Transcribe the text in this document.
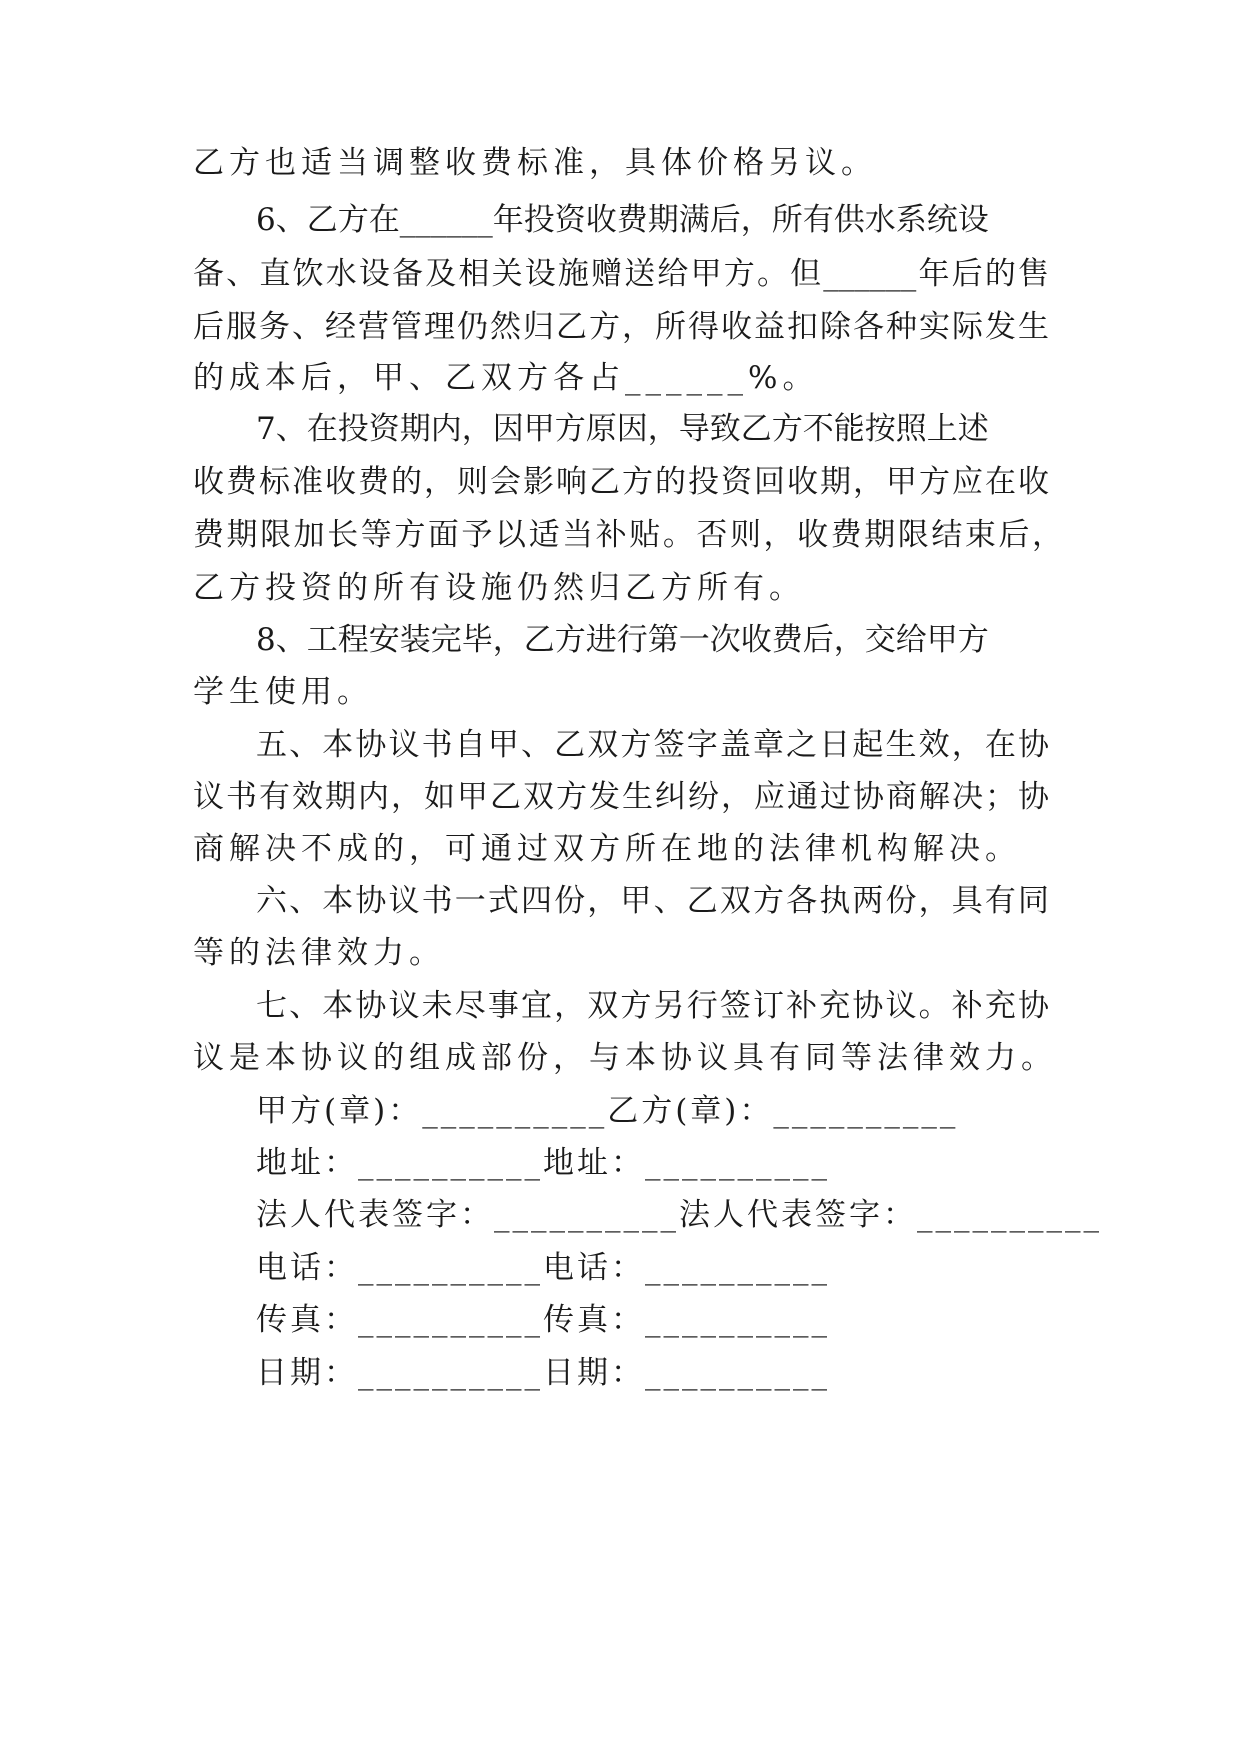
乙方也适当调整收费标准，具体价格另议。
6、乙方在______年投资收费期满后，所有供水系统设
备、直饮水设备及相关设施赠送给甲方。但______年后的售
后服务、经营管理仍然归乙方，所得收益扣除各种实际发生
的成本后，甲、乙双方各占______%。
7、在投资期内，因甲方原因，导致乙方不能按照上述
收费标准收费的，则会影响乙方的投资回收期，甲方应在收
费期限加长等方面予以适当补贴。否则，收费期限结束后，
乙方投资的所有设施仍然归乙方所有。
8、工程安装完毕，乙方进行第一次收费后，交给甲方
学生使用。
五、本协议书自甲、乙双方签字盖章之日起生效，在协
议书有效期内，如甲乙双方发生纠纷，应通过协商解决；协
商解决不成的，可通过双方所在地的法律机构解决。
六、本协议书一式四份，甲、乙双方各执两份，具有同
等的法律效力。
七、本协议未尽事宜，双方另行签订补充协议。补充协
议是本协议的组成部份，与本协议具有同等法律效力。
甲方(章)：__________乙方(章)：__________
地址：__________地址：__________
法人代表签字：__________法人代表签字：__________
电话：__________电话：__________
传真：__________传真：__________
日期：__________日期：__________
